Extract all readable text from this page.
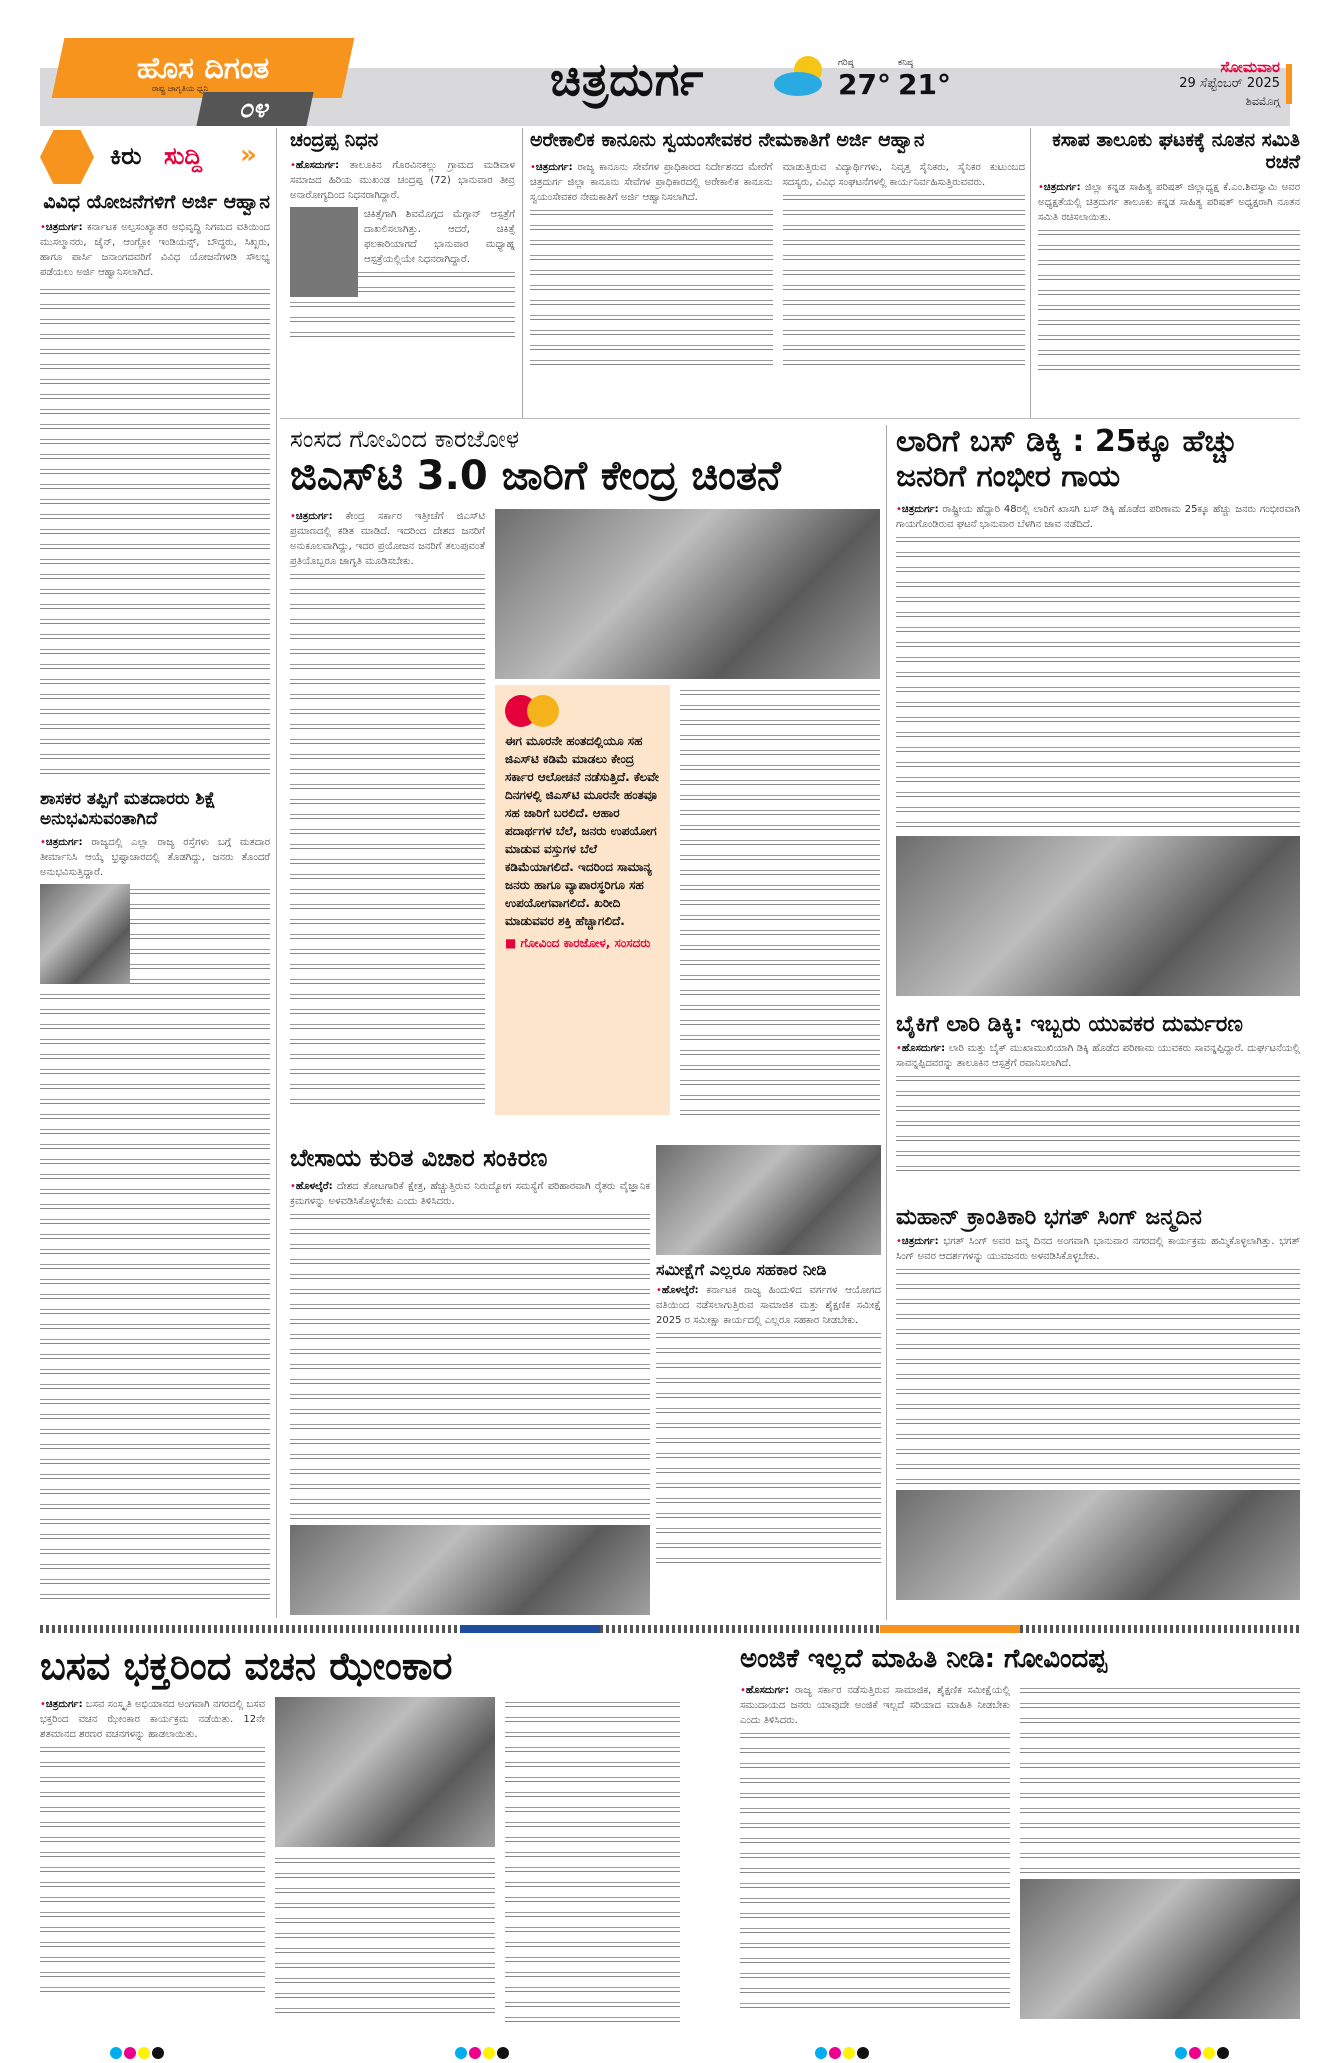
ಹೊಸ ದಿಗಂತ
ರಾಷ್ಟ್ರ ಜಾಗೃತಿಯ ಧ್ವನಿ
೦೪
ಚಿತ್ರದುರ್ಗ	ಗರಿಷ್ಠ
27°
ಕನಿಷ್ಠ
21°
ಸೋಮವಾರ
29 ಸೆಪ್ಟೆಂಬರ್ 2025
ಶಿವಮೊಗ್ಗ
ಕಿರು ಸುದ್ದಿ »
ವಿವಿಧ ಯೋಜನೆಗಳಿಗೆ ಅರ್ಜಿ ಆಹ್ವಾನ

•ಚಿತ್ರದುರ್ಗ: ಕರ್ನಾಟಕ ಅಲ್ಪಸಂಖ್ಯಾತರ ಅಭಿವೃದ್ಧಿ ನಿಗಮದ ವತಿಯಿಂದ ಮುಸಲ್ಮಾನರು, ಜೈನ್, ಆಂಗ್ಲೋ ಇಂಡಿಯನ್ಸ್, ಬೌದ್ಧರು, ಸಿಖ್ಖರು, ಹಾಗೂ ಪಾರ್ಸಿ ಜನಾಂಗದವರಿಗೆ ವಿವಿಧ ಯೋಜನೆಗಳಡಿ ಸೌಲಭ್ಯ ಪಡೆಯಲು ಅರ್ಜಿ ಆಹ್ವಾನಿಸಲಾಗಿದೆ.

ಶಾಸಕರ ತಪ್ಪಿಗೆ ಮತದಾರರು ಶಿಕ್ಷೆ ಅನುಭವಿಸುವಂತಾಗಿದೆ

•ಚಿತ್ರದುರ್ಗ: ರಾಜ್ಯದಲ್ಲಿ ಎಲ್ಲಾ ರಾಜ್ಯ ರಸ್ತೆಗಳು ಬಗ್ಗೆ ಮತದಾರ ತೀರ್ಮಾನಿಸಿ ಆಯ್ಕೆ ಭ್ರಷ್ಟಾಚಾರದಲ್ಲಿ ತೊಡಗಿದ್ದು, ಜನರು ತೊಂದರೆ ಅನುಭವಿಸುತ್ತಿದ್ದಾರೆ.

ಚಂದ್ರಪ್ಪ ನಿಧನ

•ಹೊಸದುರ್ಗ: ತಾಲೂಕಿನ ಗೊರವಿನಕಲ್ಲು ಗ್ರಾಮದ ಮಡಿವಾಳ ಸಮಾಜದ ಹಿರಿಯ ಮುಖಂಡ ಚಂದ್ರಪ್ಪ (72) ಭಾನುವಾರ ತೀವ್ರ ಅನಾರೋಗ್ಯದಿಂದ ನಿಧನರಾಗಿದ್ದಾರೆ.

ಚಿಕಿತ್ಸೆಗಾಗಿ ಶಿವಮೊಗ್ಗದ ಮೆಗ್ಗಾನ್ ಆಸ್ಪತ್ರೆಗೆ ದಾಖಲಿಸಲಾಗಿತ್ತು. ಆದರೆ, ಚಿಕಿತ್ಸೆ ಫಲಕಾರಿಯಾಗದೆ ಭಾನುವಾರ ಮಧ್ಯಾಹ್ನ ಆಸ್ಪತ್ರೆಯಲ್ಲಿಯೇ ನಿಧನರಾಗಿದ್ದಾರೆ.

ಅರೇಕಾಲಿಕ ಕಾನೂನು ಸ್ವಯಂಸೇವಕರ ನೇಮಕಾತಿಗೆ ಅರ್ಜಿ ಆಹ್ವಾನ

•ಚಿತ್ರದುರ್ಗ: ರಾಜ್ಯ ಕಾನೂನು ಸೇವೆಗಳ ಪ್ರಾಧಿಕಾರದ ನಿರ್ದೇಶನದ ಮೇರೆಗೆ ಚಿತ್ರದುರ್ಗ ಜಿಲ್ಲಾ ಕಾನೂನು ಸೇವೆಗಳ ಪ್ರಾಧಿಕಾರದಲ್ಲಿ ಅರೇಕಾಲಿಕ ಕಾನೂನು ಸ್ವಯಂಸೇವಕರ ನೇಮಕಾತಿಗೆ ಅರ್ಜಿ ಆಹ್ವಾನಿಸಲಾಗಿದೆ.

ಮಾಡುತ್ತಿರುವ ವಿದ್ಯಾರ್ಥಿಗಳು, ನಿವೃತ್ತ ಸೈನಿಕರು, ಸೈನಿಕರ ಕುಟುಂಬದ ಸದಸ್ಯರು, ವಿವಿಧ ಸಂಘಟನೆಗಳಲ್ಲಿ ಕಾರ್ಯನಿರ್ವಹಿಸುತ್ತಿರುವವರು.

ಕಸಾಪ ತಾಲೂಕು ಘಟಕಕ್ಕೆ ನೂತನ ಸಮಿತಿ ರಚನೆ

•ಚಿತ್ರದುರ್ಗ: ಜಿಲ್ಲಾ ಕನ್ನಡ ಸಾಹಿತ್ಯ ಪರಿಷತ್ ಜಿಲ್ಲಾಧ್ಯಕ್ಷ ಕೆ.ಎಂ.ಶಿವಸ್ವಾಮಿ ಅವರ ಅಧ್ಯಕ್ಷತೆಯಲ್ಲಿ ಚಿತ್ರದುರ್ಗ ತಾಲೂಕು ಕನ್ನಡ ಸಾಹಿತ್ಯ ಪರಿಷತ್ ಅಧ್ಯಕ್ಷರಾಗಿ ನೂತನ ಸಮಿತಿ ರಚಿಸಲಾಯಿತು.

ಸಂಸದ ಗೋವಿಂದ ಕಾರಜೋಳ
ಜಿಎಸ್‌ಟಿ 3.0 ಜಾರಿಗೆ ಕೇಂದ್ರ ಚಿಂತನೆ

•ಚಿತ್ರದುರ್ಗ: ಕೇಂದ್ರ ಸರ್ಕಾರ ಇತ್ತೀಚೆಗೆ ಜಿಎಸ್‌ಟಿ ಪ್ರಮಾಣದಲ್ಲಿ ಕಡಿತ ಮಾಡಿದೆ. ಇದರಿಂದ ದೇಶದ ಜನರಿಗೆ ಅನುಕೂಲವಾಗಿದ್ದು, ಇದರ ಪ್ರಯೋಜನ ಜನರಿಗೆ ತಲುಪುವಂತೆ ಪ್ರತಿಯೊಬ್ಬರೂ ಜಾಗೃತಿ ಮೂಡಿಸಬೇಕು.

ಈಗ ಮೂರನೇ ಹಂತದಲ್ಲಿಯೂ ಸಹ ಜಿಎಸ್‌ಟಿ ಕಡಿಮೆ ಮಾಡಲು ಕೇಂದ್ರ ಸರ್ಕಾರ ಆಲೋಚನೆ ನಡೆಸುತ್ತಿದೆ. ಕೆಲವೇ ದಿನಗಳಲ್ಲಿ ಜಿಎಸ್‌ಟಿ ಮೂರನೇ ಹಂತವೂ ಸಹ ಜಾರಿಗೆ ಬರಲಿದೆ. ಆಹಾರ ಪದಾರ್ಥಗಳ ಬೆಲೆ, ಜನರು ಉಪಯೋಗ ಮಾಡುವ ವಸ್ತುಗಳ ಬೆಲೆ ಕಡಿಮೆಯಾಗಲಿದೆ. ಇದರಿಂದ ಸಾಮಾನ್ಯ ಜನರು ಹಾಗೂ ವ್ಯಾಪಾರಸ್ಥರಿಗೂ ಸಹ ಉಪಯೋಗವಾಗಲಿದೆ. ಖರೀದಿ ಮಾಡುವವರ ಶಕ್ತಿ ಹೆಚ್ಚಾಗಲಿದೆ.
■ ಗೋವಿಂದ ಕಾರಜೋಳ, ಸಂಸದರು
ಲಾರಿಗೆ ಬಸ್ ಡಿಕ್ಕಿ : 25ಕ್ಕೂ ಹೆಚ್ಚು ಜನರಿಗೆ ಗಂಭೀರ ಗಾಯ

•ಚಿತ್ರದುರ್ಗ: ರಾಷ್ಟ್ರೀಯ ಹೆದ್ದಾರಿ 48ರಲ್ಲಿ ಲಾರಿಗೆ ಖಾಸಗಿ ಬಸ್ ಡಿಕ್ಕಿ ಹೊಡೆದ ಪರಿಣಾಮ 25ಕ್ಕೂ ಹೆಚ್ಚು ಜನರು ಗಂಭೀರವಾಗಿ ಗಾಯಗೊಂಡಿರುವ ಘಟನೆ ಭಾನುವಾರ ಬೆಳಗಿನ ಜಾವ ನಡೆದಿದೆ.

ಬೈಕಿಗೆ ಲಾರಿ ಡಿಕ್ಕಿ: ಇಬ್ಬರು ಯುವಕರ ದುರ್ಮರಣ

•ಹೊಸದುರ್ಗ: ಲಾರಿ ಮತ್ತು ಬೈಕ್ ಮುಖಾಮುಖಿಯಾಗಿ ಡಿಕ್ಕಿ ಹೊಡೆದ ಪರಿಣಾಮ ಯುವಕರು ಸಾವನ್ನಪ್ಪಿದ್ದಾರೆ. ದುರ್ಘಟನೆಯಲ್ಲಿ ಸಾವನ್ನಪ್ಪಿದವರನ್ನು ತಾಲೂಕಿನ ಆಸ್ಪತ್ರೆಗೆ ರವಾನಿಸಲಾಗಿದೆ.

ಬೇಸಾಯ ಕುರಿತ ವಿಚಾರ ಸಂಕಿರಣ

•ಹೊಳಲ್ಕೆರೆ: ದೇಶದ ತೋಟಗಾರಿಕೆ ಕ್ಷೇತ್ರ, ಹೆಚ್ಚುತ್ತಿರುವ ನಿರುದ್ಯೋಗ ಸಮಸ್ಯೆಗೆ ಪರಿಹಾರವಾಗಿ ರೈತರು ವೈಜ್ಞಾನಿಕ ಕ್ರಮಗಳನ್ನು ಅಳವಡಿಸಿಕೊಳ್ಳಬೇಕು ಎಂದು ತಿಳಿಸಿದರು.

ಸಮೀಕ್ಷೆಗೆ ಎಲ್ಲರೂ ಸಹಕಾರ ನೀಡಿ

•ಹೊಳಲ್ಕೆರೆ: ಕರ್ನಾಟಕ ರಾಜ್ಯ ಹಿಂದುಳಿದ ವರ್ಗಗಳ ಆಯೋಗದ ವತಿಯಿಂದ ನಡೆಸಲಾಗುತ್ತಿರುವ ಸಾಮಾಜಿಕ ಮತ್ತು ಶೈಕ್ಷಣಿಕ ಸಮೀಕ್ಷೆ 2025 ರ ಸಮೀಕ್ಷಾ ಕಾರ್ಯದಲ್ಲಿ ಎಲ್ಲರೂ ಸಹಕಾರ ನೀಡಬೇಕು.

ಮಹಾನ್ ಕ್ರಾಂತಿಕಾರಿ ಭಗತ್ ಸಿಂಗ್ ಜನ್ಮದಿನ

•ಚಿತ್ರದುರ್ಗ: ಭಗತ್ ಸಿಂಗ್ ಅವರ ಜನ್ಮ ದಿನದ ಅಂಗವಾಗಿ ಭಾನುವಾರ ನಗರದಲ್ಲಿ ಕಾರ್ಯಕ್ರಮ ಹಮ್ಮಿಕೊಳ್ಳಲಾಗಿತ್ತು. ಭಗತ್ ಸಿಂಗ್ ಅವರ ಆದರ್ಶಗಳನ್ನು ಯುವಜನರು ಅಳವಡಿಸಿಕೊಳ್ಳಬೇಕು.

ಬಸವ ಭಕ್ತರಿಂದ ವಚನ ಝೇಂಕಾರ

•ಚಿತ್ರದುರ್ಗ: ಬಸವ ಸಂಸ್ಕೃತಿ ಅಭಿಯಾನದ ಅಂಗವಾಗಿ ನಗರದಲ್ಲಿ ಬಸವ ಭಕ್ತರಿಂದ ವಚನ ಝೇಂಕಾರ ಕಾರ್ಯಕ್ರಮ ನಡೆಯಿತು. 12ನೇ ಶತಮಾನದ ಶರಣರ ವಚನಗಳನ್ನು ಹಾಡಲಾಯಿತು.

ಅಂಜಿಕೆ ಇಲ್ಲದೆ ಮಾಹಿತಿ ನೀಡಿ: ಗೋವಿಂದಪ್ಪ

•ಹೊಸದುರ್ಗ: ರಾಜ್ಯ ಸರ್ಕಾರ ನಡೆಸುತ್ತಿರುವ ಸಾಮಾಜಿಕ, ಶೈಕ್ಷಣಿಕ ಸಮೀಕ್ಷೆಯಲ್ಲಿ ಸಮುದಾಯದ ಜನರು ಯಾವುದೇ ಅಂಜಿಕೆ ಇಲ್ಲದೆ ಸರಿಯಾದ ಮಾಹಿತಿ ನೀಡಬೇಕು ಎಂದು ತಿಳಿಸಿದರು.
